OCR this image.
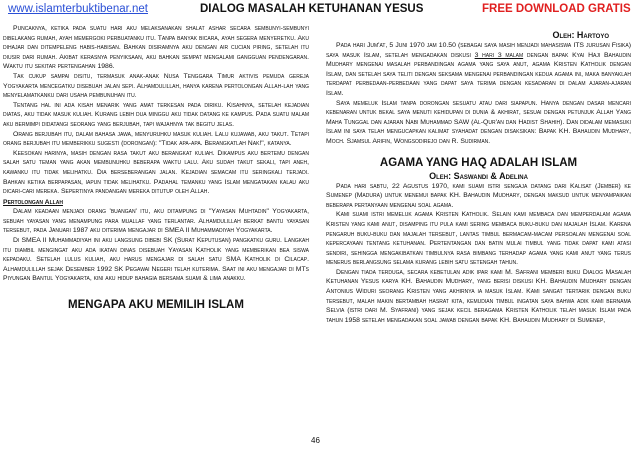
www.islamterbuktibenar.net	DIALOG MASALAH KETUHANAN YESUS	FREE DOWNLOAD GRATIS

Puncaknya, ketika pada suatu hari aku melaksanakan shalat ashar secara sembunyi-sembunyi dibelakang rumah, ayah memergoki perbuatanku itu. Tanpa banyak bicara, ayah segera menyeretku. Aku dihajar dan ditempeleng habis-habisan. Bahkan disiramnya aku dengan air cucian piring, setelah itu diusir dari rumah. Akibat kerasnya penyiksaan, aku bahkan sempat mengalami gangguan pendengaran. Waktu itu sekitar pertengahan 1986.

Tak cukup sampai disitu, termasuk anak-anak Nusa Tenggara Timur aktivis pemuda gereja Yogyakarta mencegatku disebuah jalan sepi. Alhamdulillah, hanya karena pertolongan Allah-lah yang menyelamatkanku dari usaha pembunuhan itu.

Tentang hal ini ada kisah menarik yang amat terkesan pada diriku. Kisahnya, setelah kejadian diatas, aku tidak masuk kuliah. Kurang lebih dua minggu aku tidak datang ke kampus. Pada suatu malam aku bermimpi didatangi seorang yang berjubah, tapi wajahnya tak begitu jelas.

Orang berjubah itu, dalam bahasa jawa, menyuruhku masuk kuliah. Lalu kujawab, aku takut. Tetapi orang berjubah itu memberikku sugesti (dorongan): "Tidak apa-apa. Berangkatlah Nak!", katanya.

Keesokan harinya, masih dengan rasa takut aku berangkat kuliah. Dikampus aku bertemu dengan salah satu teman yang akan membunuhku beberapa waktu lalu. Aku sudah takut sekali, tapi aneh, kawanku itu tidak melihatku. Dia berseberangan jalan. Kejadian semacam itu seringkali terjadi. Bahkan ketika berpapasan, iapun tidak melihatku. Padahal temanku yang Islam mengatakan kalau aku dicari-cari mereka. Sepertinya pandangan mereka ditutup oleh Allah.

Pertolongan Allah

Dalam keadaan menjadi orang 'buangan' itu, aku ditampung di "Yayasan Muhtadin" Yogyakarta, sebuah yayasan yang menampung para muallaf yang terlantar. Alhamdulillah berkat bantu yayasan tersebut, pada Januari 1987 aku diterima mengajar di SMEA II Muhammadiyah Yogyakarta.

Di SMEA II Muhammadiyah ini aku langsung dibebi SK (Surat Keputusan) pangkatku guru. Langkah itu diambil mengingat aku ada ikatan dinas disebuah Yayasan Katholik yang memberikan bea siswa kepadaku. Setelah lulus kuliah, aku harus mengajar di salah satu SMA Katholik di Cilacap. Alhamdulillah sejak Desember 1992 SK Pegawai Negeri telah kuterima. Saat ini aku mengajar di MTs Piyungan Bantul Yogyakarta, kini aku hidup bahagia bersama suami & lima anakku.

MENGAPA AKU MEMILIH ISLAM

Oleh: Hartoyo

Pada hari Jum'at, 5 Juni 1970 jam 10.50 (sebagai saya masih menjadi mahasiswa ITS jurusan Fisika) saya masuk Islam, setelah mengadakan diskusi 3 hari 3 malam dengan bapak Kyai Haji Bahaudin Mudhary mengenai masalah perbandingan agama yang saya anut, agama Kristen Katholik dengan Islam, dan setelah saya teliti dengan seksama mengenai perbandingan kedua agama ini, maka banyaklah terdapat perbedaan-perbedaan yang dapat saya terima dengan kesadaran di dalam ajaran-ajaran Islam.

Saya memeluk Islam tanpa dorongan sesuatu atau dari siapapun. Hanya dengan dasar mencari kebenaran untuk bekal saya menuti kehidupan di dunia & akhirat, sesuai dengan petunjuk Allah Yang Maha Tunggal dan ajaran Nabi Muhammad SAW (Al-Qur'an dan Hadist Shahih). Dan didalam memasuki Islam ini saya telah mengucapkan kalimat syahadat dengan disaksikan: Bapak KH. Bahaudin Mudhary, Moch. Sjamsul Arifin, Wongsodirejo dan R. Sudirman.

AGAMA YANG HAQ ADALAH ISLAM

Oleh: Saswandi & Adelina

Pada hari sabtu, 22 Agustus 1970, kami suami istri sengaja datang dari Kalisat (Jember) ke Sumenep (Madura) untuk menemui bapak KH. Bahaudin Mudhary, dengan maksud untuk menyampaikan beberapa pertanyaan mengenai soal agama.

Kami suami istri memeluk agama Kristen Katholik. Selain kami membaca dan memperdalam agama Kristen yang kami anut, disamping itu pula kami sering membaca buku-buku dan majalah Islam. Karena pengaruh buku-buku dan majalah tersebut, lantas timbul bermacam-macam persoalan mengenai soal kepercayaan tentang ketuhanan. Pertentangan dan batin mulai timbul yang tidak dapat kami atasi sendiri, sehingga mengakibatkan timbulnya rasa bimbang terhadap agama yang kami anut yang terus menerus berlangsung selama kurang lebih satu setengah tahun.

Dengan tiada terduga, secara kebetulan adik ipar kami M. Safrani memberi buku Dialog Masalah Ketuhanan Yesus karya KH. Bahaudin Mudhary, yang berisi diskusi KH. Bahaudin Mudhary dengan Antonius Widuri seorang Kristen yang akhirnya ia masuk Islam. Kami sangat tertarik dengan buku tersebut, malah makin bertambah hasrat kita, kemudian timbul ingatan saya bahwa adik kami bernama Selvia (istri dari M. Syafrani) yang sejak kecil beragama Kristen Katholik telah masuk Islam pada tahun 1958 setelah mengadakan soal jawab dengan bapak KH. Bahaudin Mudhary di Sumenep,

46
